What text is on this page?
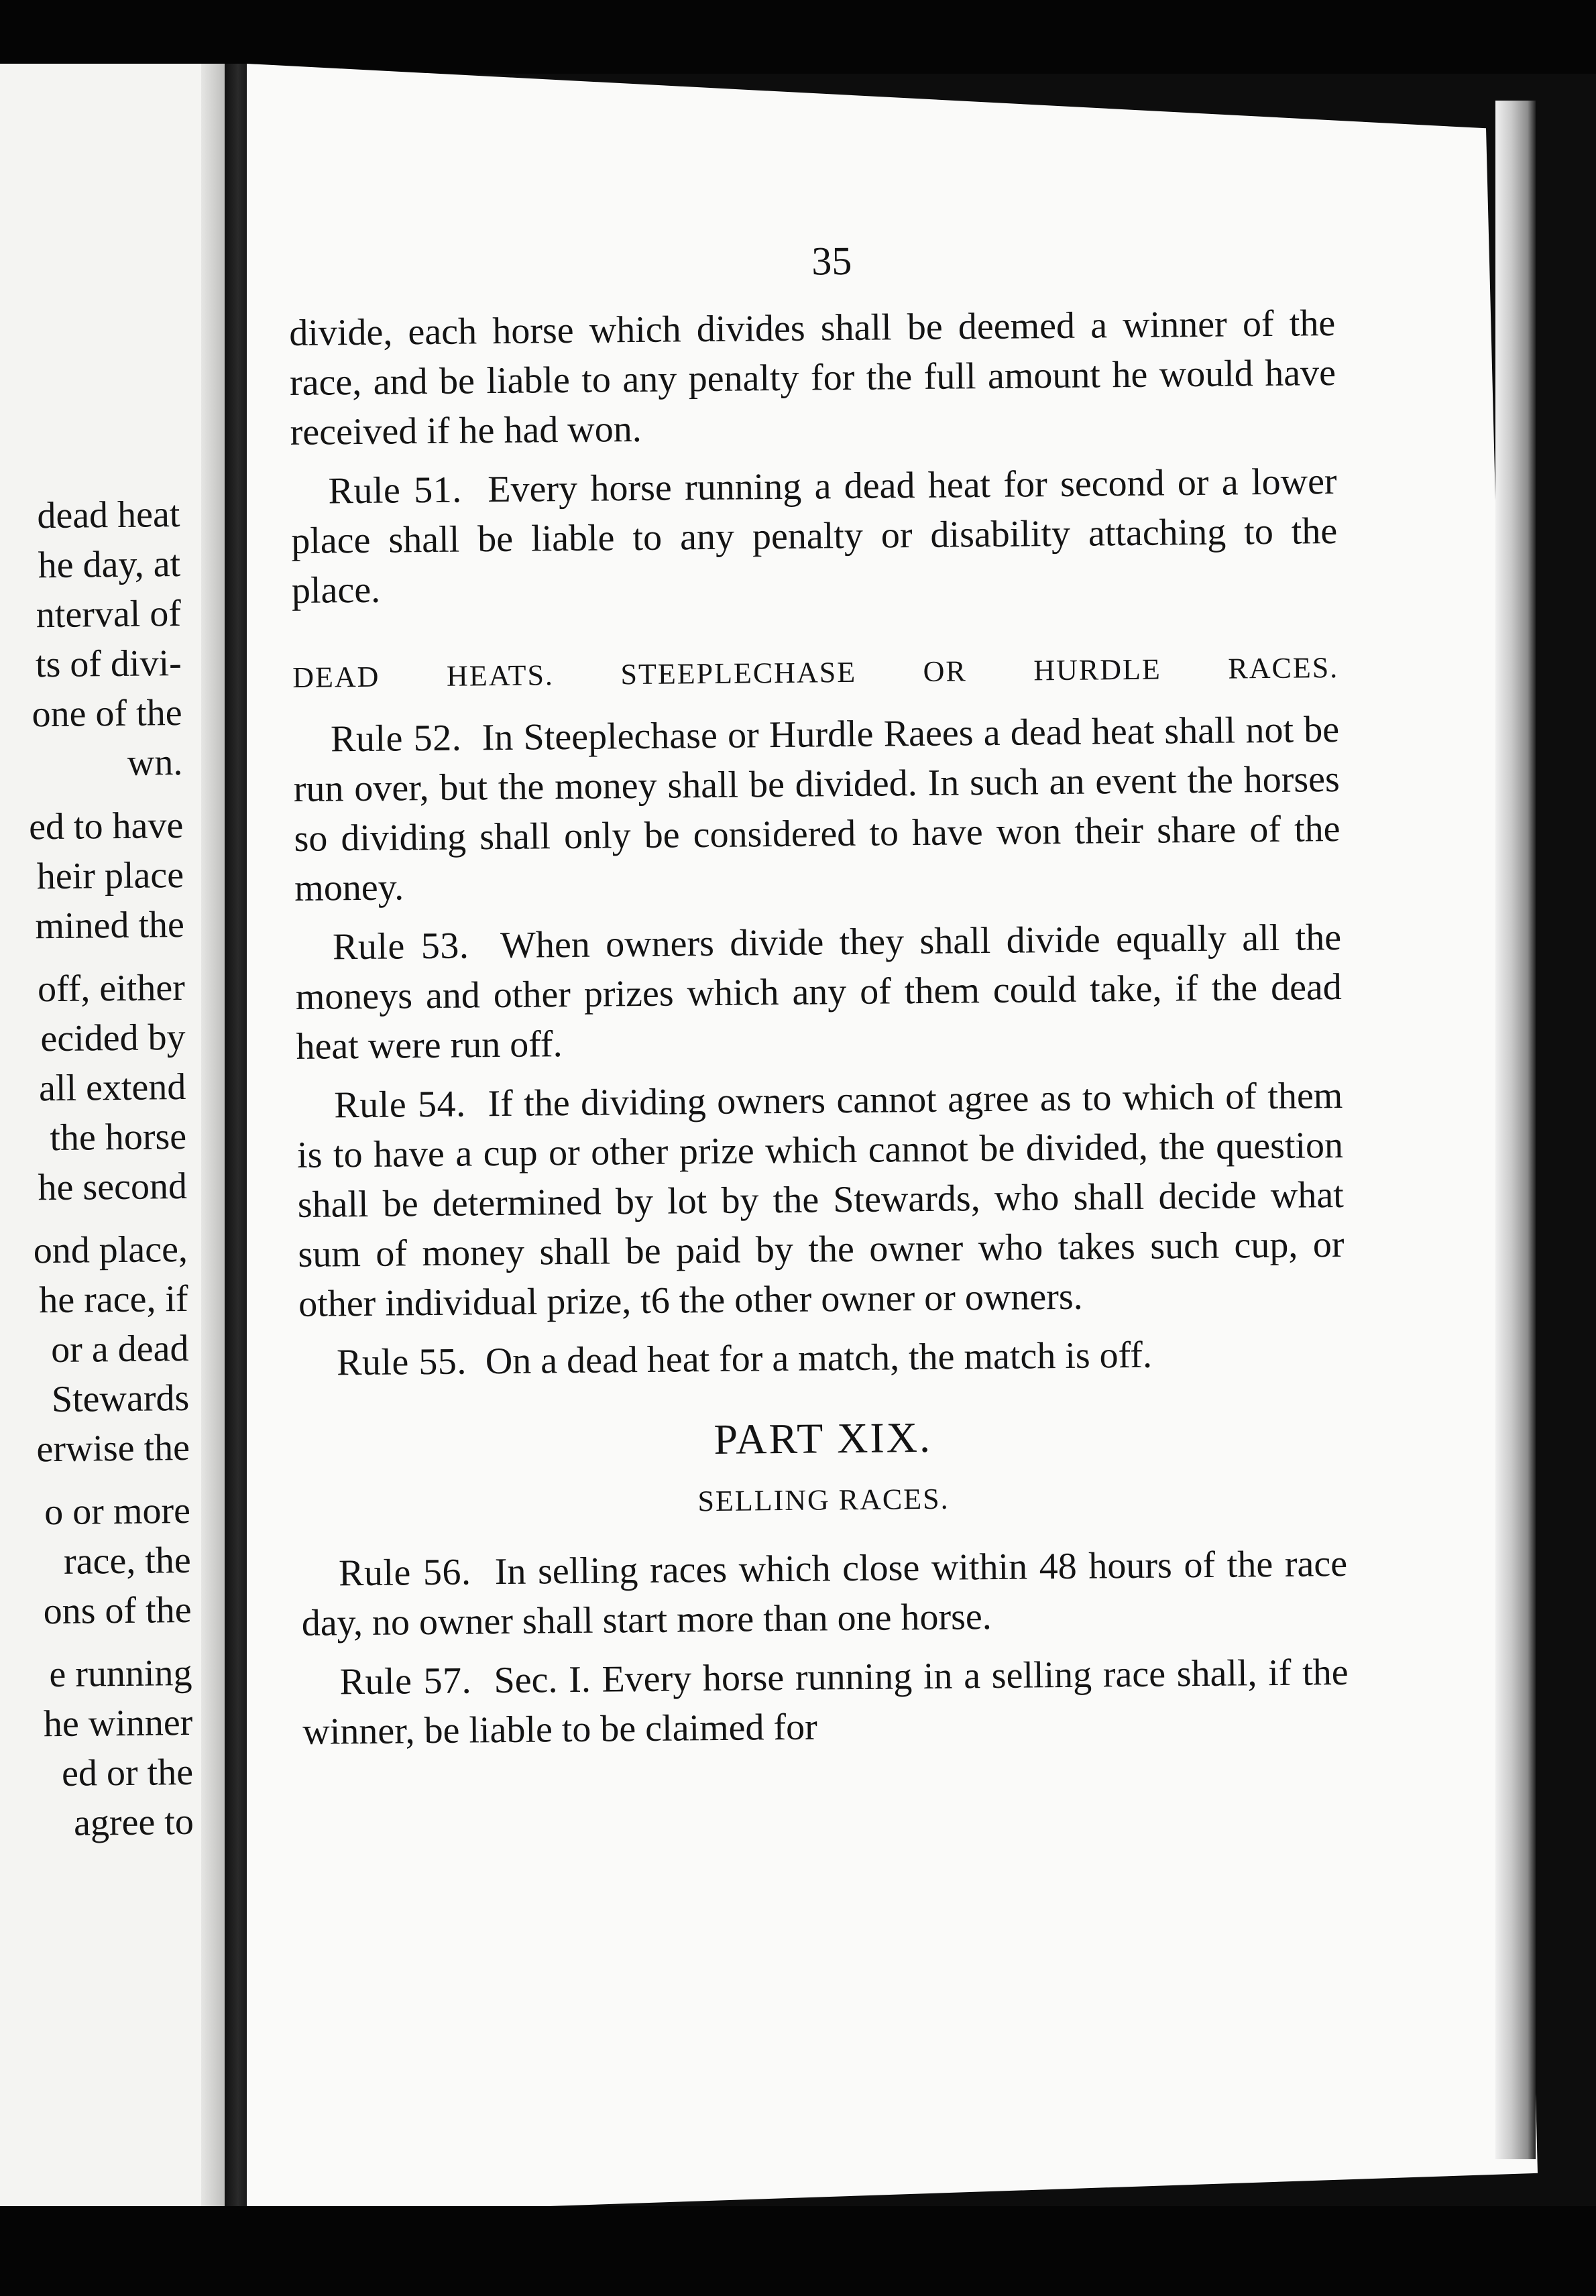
dead heat
he day, at
nterval of
ts of divi-
one of the
wn.
ed to have
heir place
mined the
off, either
ecided by
all extend
the horse
he second
ond place,
he race, if
or a dead
Stewards
erwise the
o or more
race, the
ons of the
e running
he winner
ed or the
agree to
35

divide, each horse which divides shall be deemed a winner of the race, and be liable to any penalty for the full amount he would have received if he had won.

Rule 51. Every horse running a dead heat for second or a lower place shall be liable to any penalty or disability attaching to the place.

DEAD HEATS. STEEPLECHASE OR HURDLE RACES.

Rule 52. In Steeplechase or Hurdle Raees a dead heat shall not be run over, but the money shall be divided. In such an event the horses so dividing shall only be considered to have won their share of the money.

Rule 53. When owners divide they shall divide equally all the moneys and other prizes which any of them could take, if the dead heat were run off.

Rule 54. If the dividing owners cannot agree as to which of them is to have a cup or other prize which cannot be divided, the question shall be determined by lot by the Stewards, who shall decide what sum of money shall be paid by the owner who takes such cup, or other individual prize, t6 the other owner or owners.

Rule 55. On a dead heat for a match, the match is off.

PART XIX.
SELLING RACES.

Rule 56. In selling races which close within 48 hours of the race day, no owner shall start more than one horse.

Rule 57. Sec. I. Every horse running in a selling race shall, if the winner, be liable to be claimed for
